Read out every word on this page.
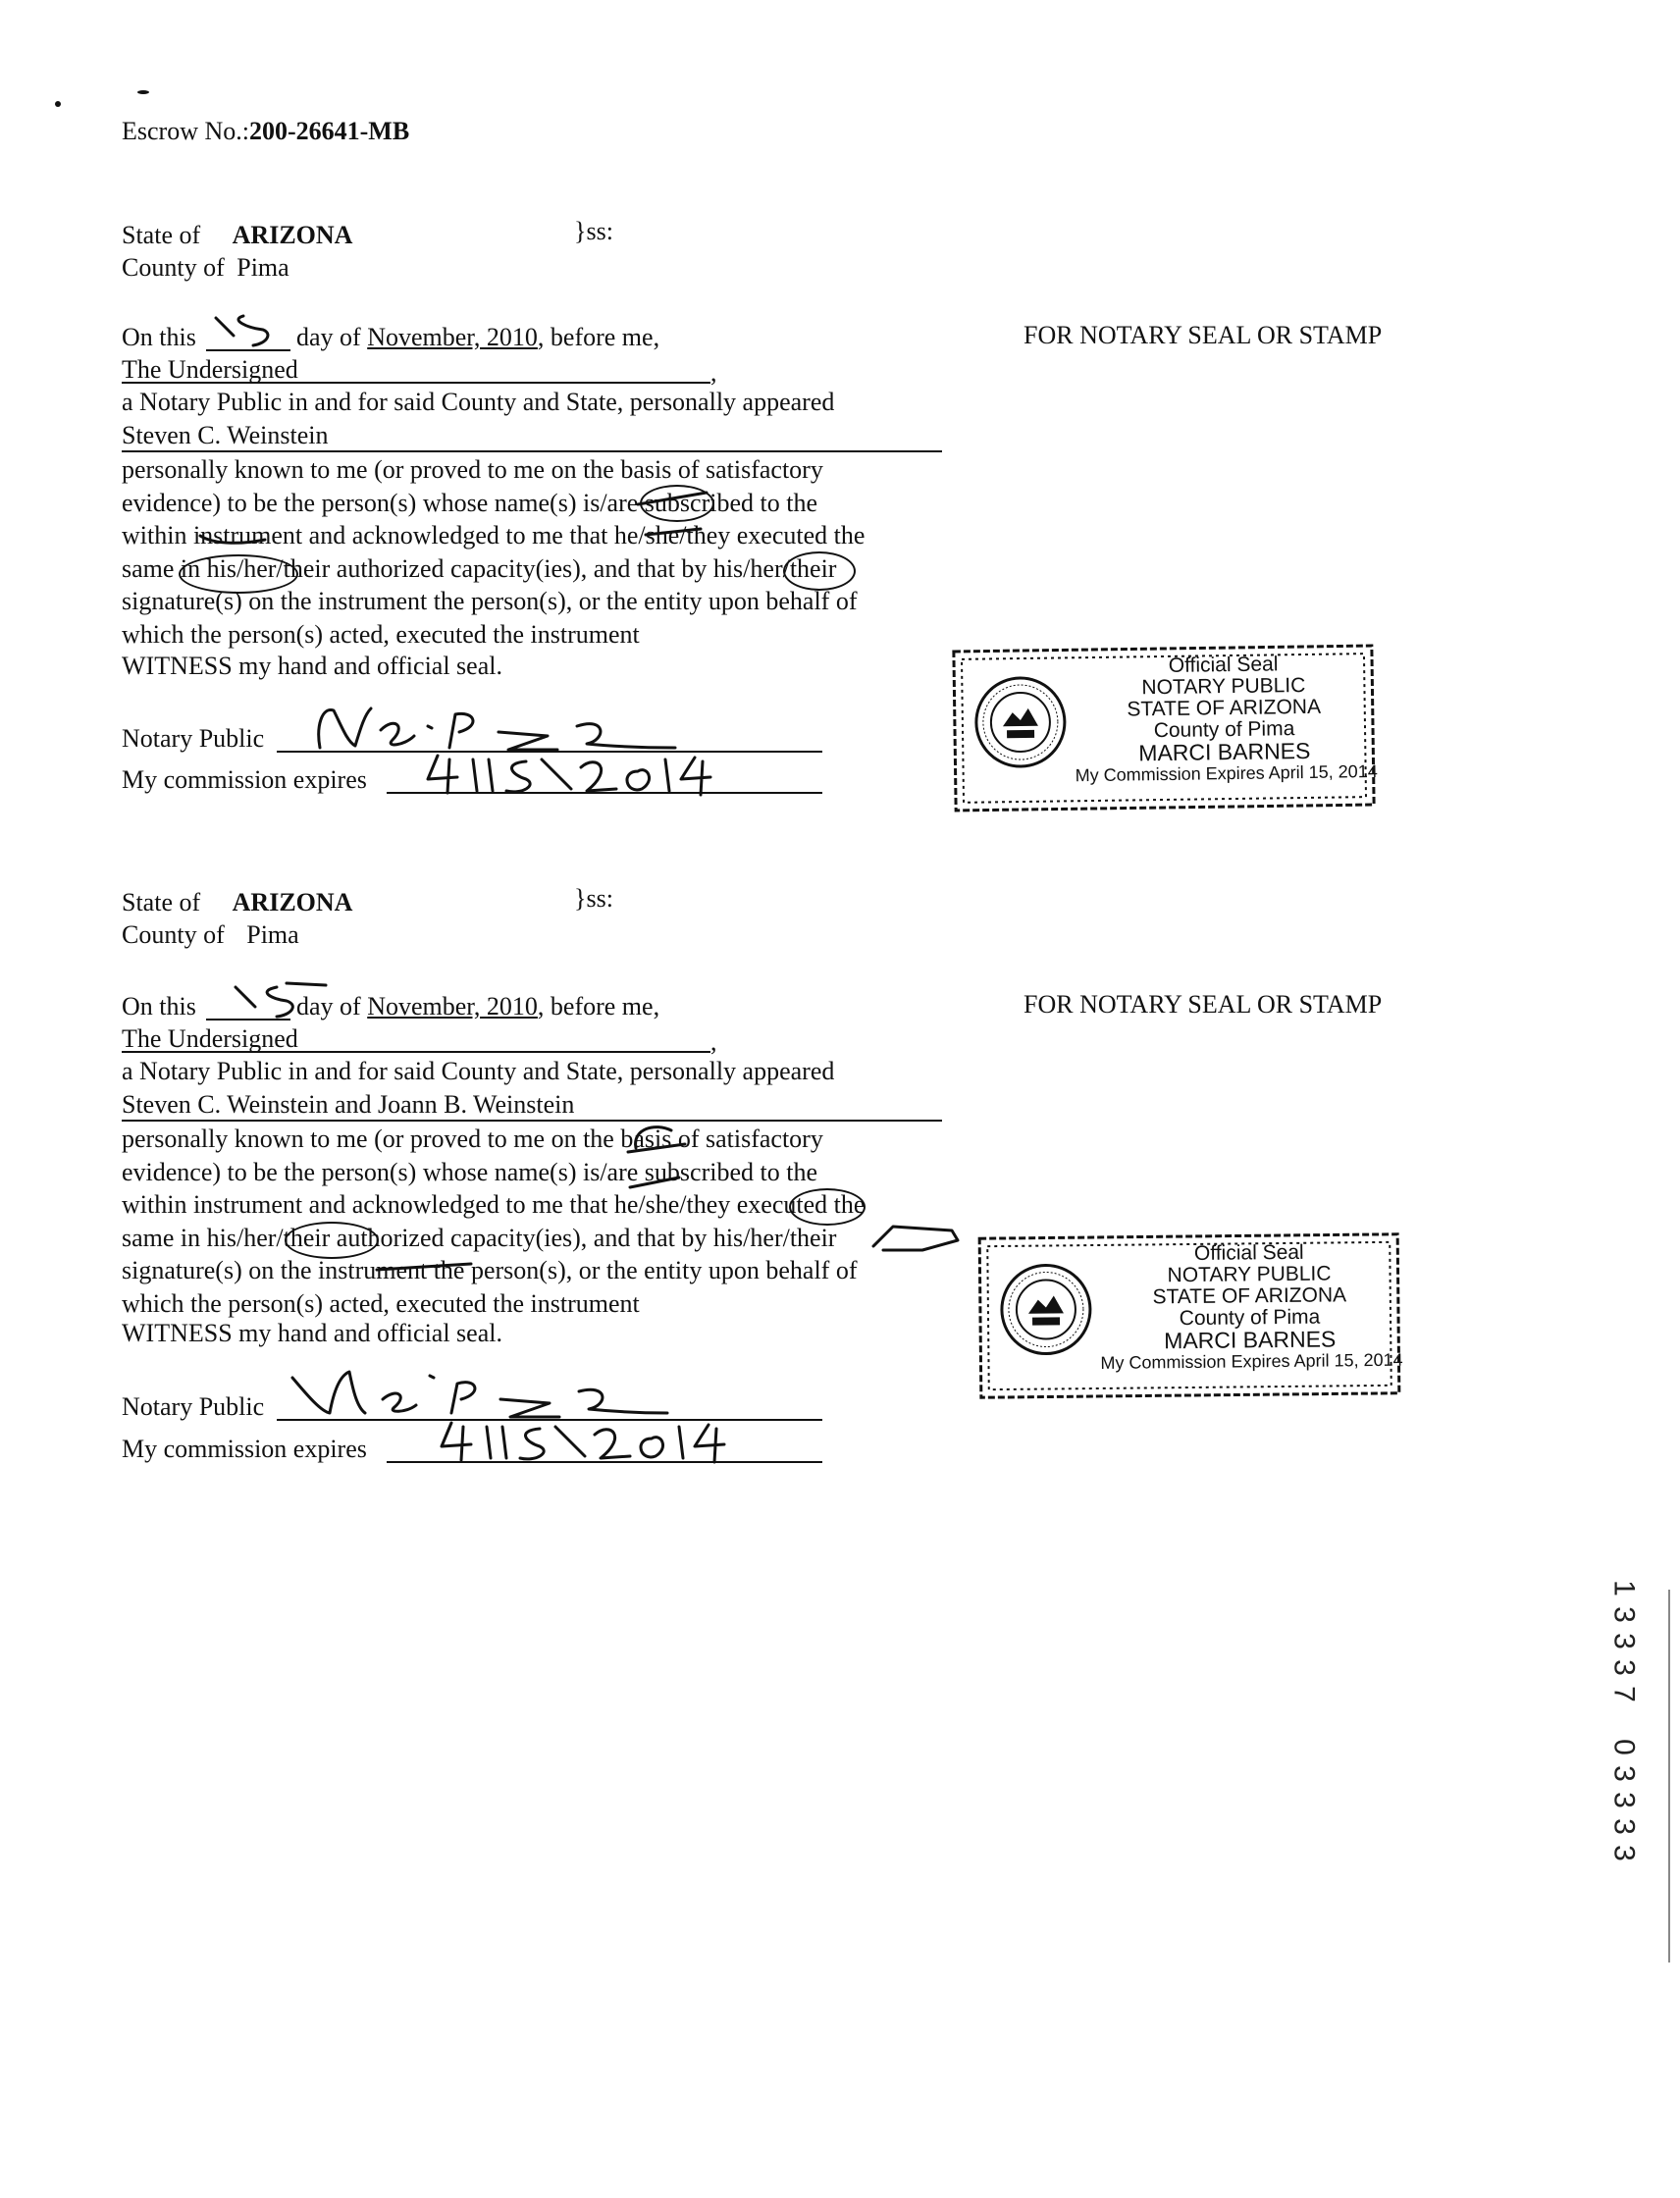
Escrow No.:200-26641-MB
State of ARIZONA	}ss:
County of Pima
On this	day of November, 2010, before me,	FOR NOTARY SEAL OR STAMP
The Undersigned	,
a Notary Public in and for said County and State, personally appeared
Steven C. Weinstein
personally known to me (or proved to me on the basis of satisfactory
evidence) to be the person(s) whose name(s) is/are subscribed to the
within instrument and acknowledged to me that he/she/they executed the
same in his/her/their authorized capacity(ies), and that by his/her/their
signature(s) on the instrument the person(s), or the entity upon behalf of
which the person(s) acted, executed the instrument
WITNESS my hand and official seal.
Notary Public
My commission expires
Official Seal
NOTARY PUBLIC
STATE OF ARIZONA
County of Pima
MARCI BARNES
My Commission Expires April 15, 2014
State of ARIZONA	}ss:
County of Pima
On this	day of November, 2010, before me,	FOR NOTARY SEAL OR STAMP
The Undersigned	,
a Notary Public in and for said County and State, personally appeared
Steven C. Weinstein and Joann B. Weinstein
personally known to me (or proved to me on the basis of satisfactory
evidence) to be the person(s) whose name(s) is/are subscribed to the
within instrument and acknowledged to me that he/she/they executed the
same in his/her/their authorized capacity(ies), and that by his/her/their
signature(s) on the instrument the person(s), or the entity upon behalf of
which the person(s) acted, executed the instrument
WITNESS my hand and official seal.
Notary Public
My commission expires
Official Seal
NOTARY PUBLIC
STATE OF ARIZONA
County of Pima
MARCI BARNES
My Commission Expires April 15, 2014
1
3
3
3
7
0
3
3
3
3
